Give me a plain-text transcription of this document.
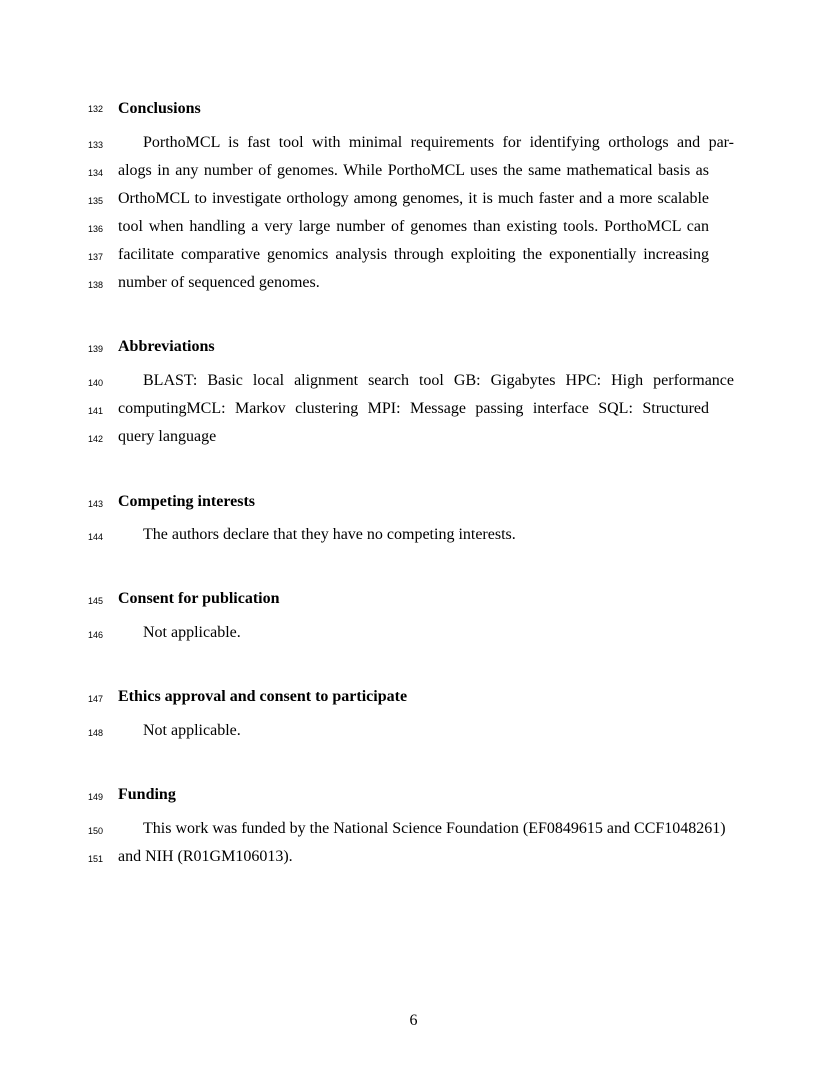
132 Conclusions
133	PorthoMCL is fast tool with minimal requirements for identifying orthologs and par-
134 alogs in any number of genomes. While PorthoMCL uses the same mathematical basis as
135 OrthoMCL to investigate orthology among genomes, it is much faster and a more scalable
136 tool when handling a very large number of genomes than existing tools. PorthoMCL can
137 facilitate comparative genomics analysis through exploiting the exponentially increasing
138 number of sequenced genomes.
139 Abbreviations
140	BLAST: Basic local alignment search tool GB: Gigabytes HPC: High performance
141 computingMCL: Markov clustering MPI: Message passing interface SQL: Structured
142 query language
143 Competing interests
144	The authors declare that they have no competing interests.
145 Consent for publication
146	Not applicable.
147 Ethics approval and consent to participate
148	Not applicable.
149 Funding
150	This work was funded by the National Science Foundation (EF0849615 and CCF1048261)
151 and NIH (R01GM106013).
6
